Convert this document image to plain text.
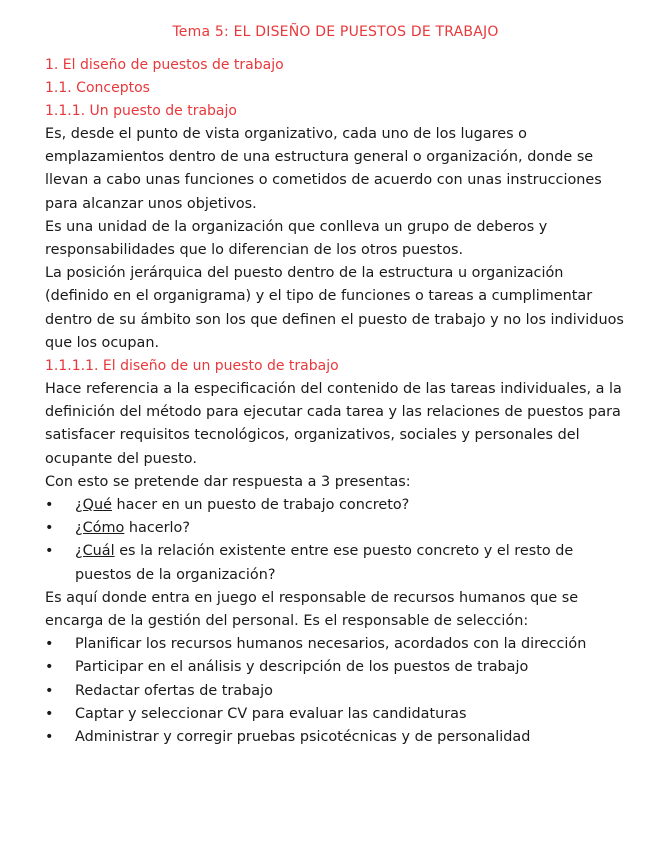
Tema 5: EL DISEÑO DE PUESTOS DE TRABAJO
1. El diseño de puestos de trabajo
1.1. Conceptos
1.1.1. Un puesto de trabajo

Es, desde el punto de vista organizativo, cada uno de los lugares o emplazamientos dentro de una estructura general o organización, donde se llevan a cabo unas funciones o cometidos de acuerdo con unas instrucciones para alcanzar unos objetivos.

Es una unidad de la organización que conlleva un grupo de deberos y responsabilidades que lo diferencian de los otros puestos.

La posición jerárquica del puesto dentro de la estructura u organización (definido en el organigrama) y el tipo de funciones o tareas a cumplimentar dentro de su ámbito son los que definen el puesto de trabajo y no los individuos que los ocupan.

1.1.1.1. El diseño de un puesto de trabajo

Hace referencia a la especificación del contenido de las tareas individuales, a la definición del método para ejecutar cada tarea y las relaciones de puestos para satisfacer requisitos tecnológicos, organizativos, sociales y personales del ocupante del puesto.

Con esto se pretende dar respuesta a 3 presentas:

•	¿Qué hacer en un puesto de trabajo concreto?
•	¿Cómo hacerlo?
•	¿Cuál es la relación existente entre ese puesto concreto y el resto de puestos de la organización?

Es aquí donde entra en juego el responsable de recursos humanos que se encarga de la gestión del personal. Es el responsable de selección:

•	Planificar los recursos humanos necesarios, acordados con la dirección
•	Participar en el análisis y descripción de los puestos de trabajo
•	Redactar ofertas de trabajo
•	Captar y seleccionar CV para evaluar las candidaturas
•	Administrar y corregir pruebas psicotécnicas y de personalidad
